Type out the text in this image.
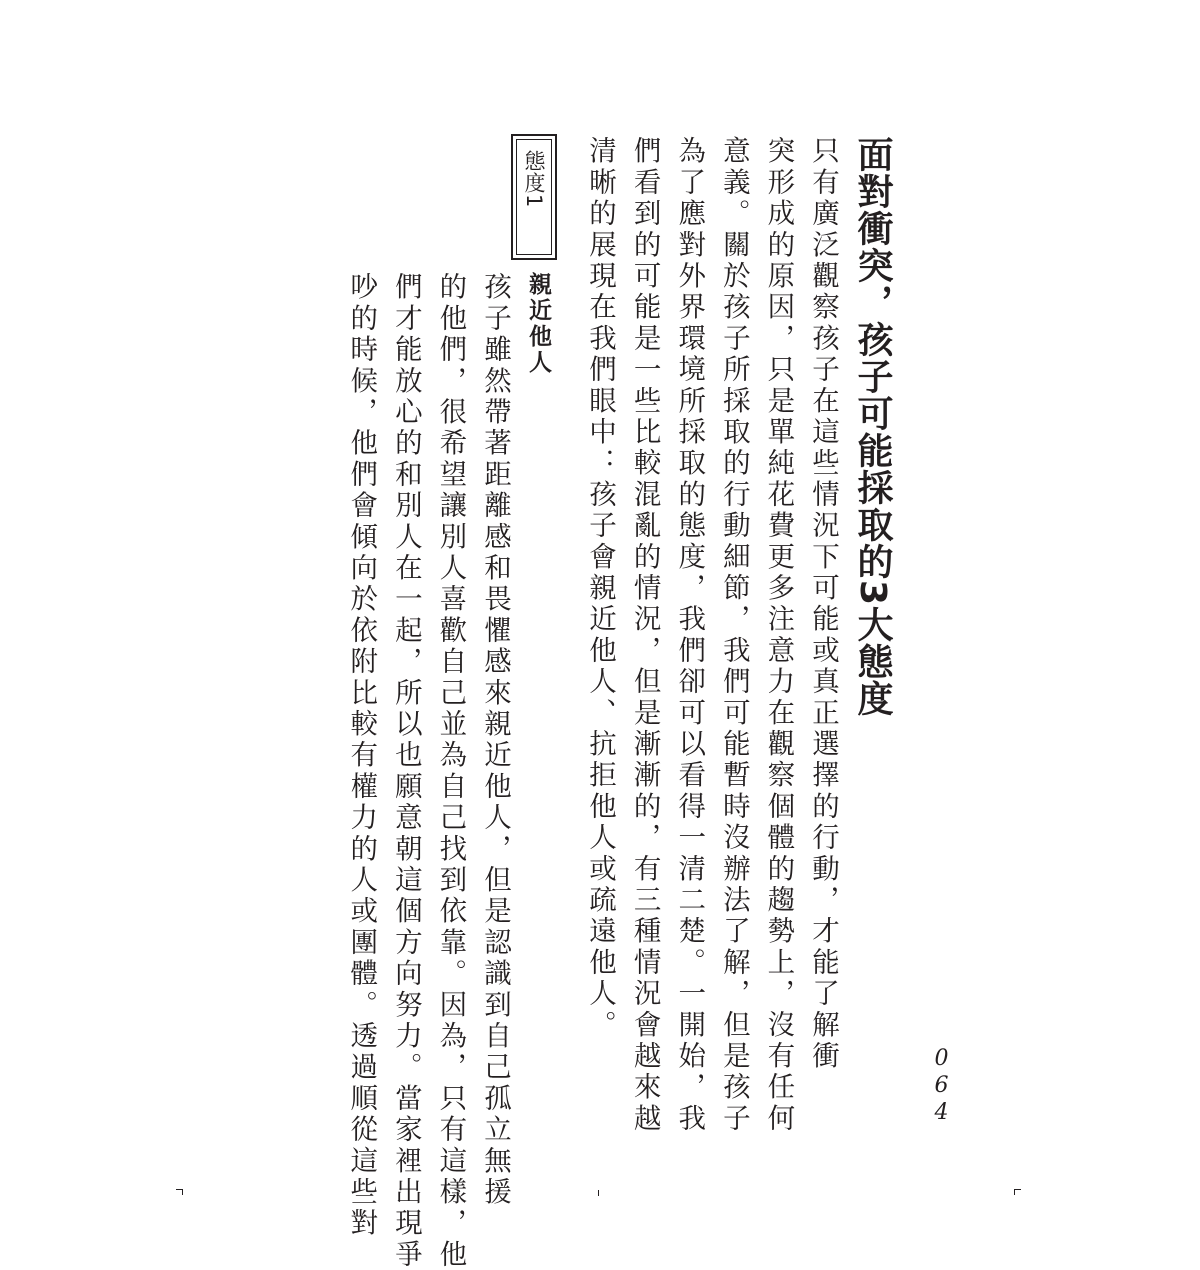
面對衝突，孩子可能採取的3大態度
只有廣泛觀察孩子在這些情況下可能或真正選擇的行動，才能了解衝
突形成的原因，只是單純花費更多注意力在觀察個體的趨勢上，沒有任何
意義。關於孩子所採取的行動細節，我們可能暫時沒辦法了解，但是孩子
為了應對外界環境所採取的態度，我們卻可以看得一清二楚。一開始，我
們看到的可能是一些比較混亂的情況，但是漸漸的，有三種情況會越來越
清晰的展現在我們眼中：孩子會親近他人、抗拒他人或疏遠他人。
態度1
親近他人
孩子雖然帶著距離感和畏懼感來親近他人，但是認識到自己孤立無援
的他們，很希望讓別人喜歡自己並為自己找到依靠。因為，只有這樣，他
們才能放心的和別人在一起，所以也願意朝這個方向努力。當家裡出現爭
吵的時候，他們會傾向於依附比較有權力的人或團體。透過順從這些對	064
